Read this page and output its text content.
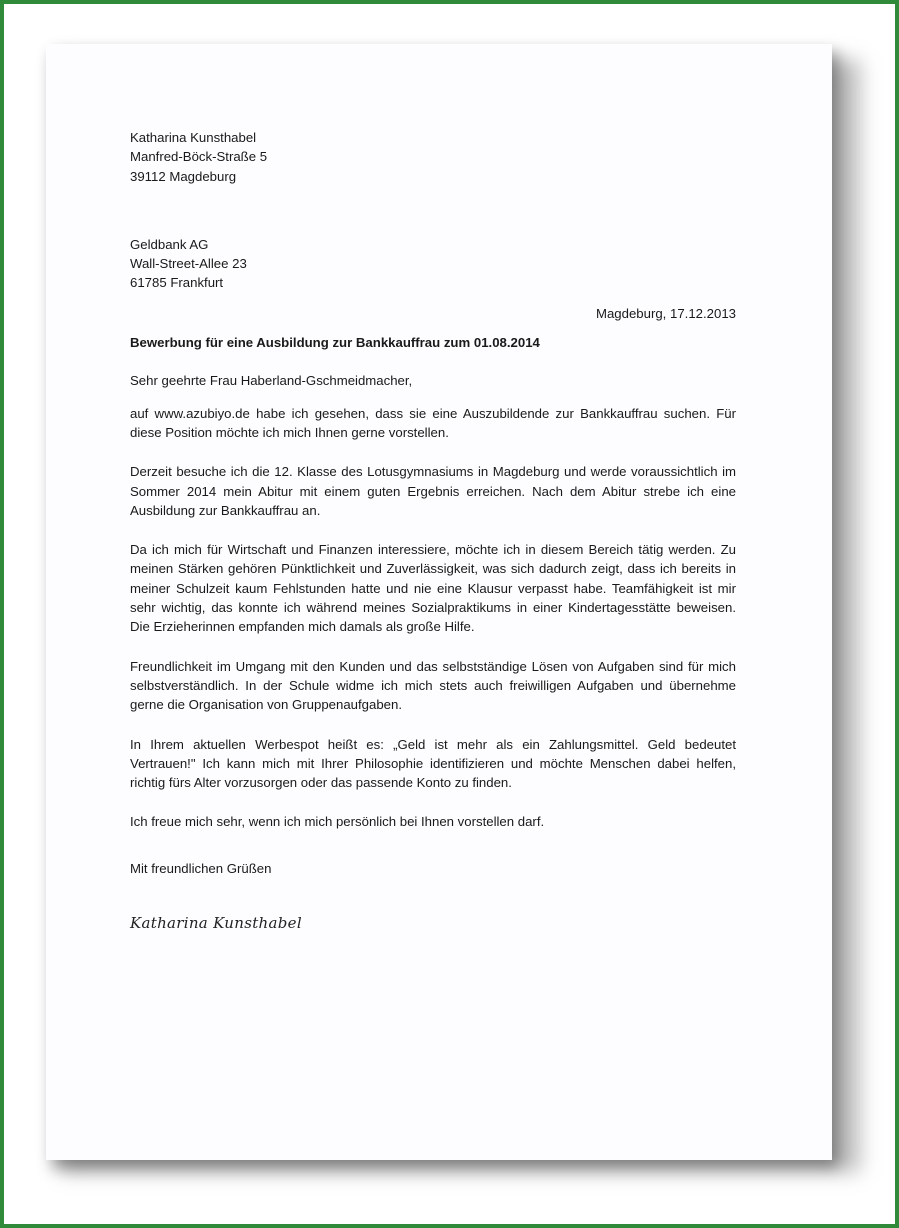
Katharina Kunsthabel
Manfred-Böck-Straße 5
39112 Magdeburg
Geldbank AG
Wall-Street-Allee 23
61785 Frankfurt
Magdeburg, 17.12.2013
Bewerbung für eine Ausbildung zur Bankkauffrau zum 01.08.2014
Sehr geehrte Frau Haberland-Gschmeidmacher,
auf www.azubiyo.de habe ich gesehen, dass sie eine Auszubildende zur Bankkauffrau suchen. Für
diese Position möchte ich mich Ihnen gerne vorstellen.
Derzeit besuche ich die 12. Klasse des Lotusgymnasiums in Magdeburg und werde voraussichtlich im
Sommer 2014 mein Abitur mit einem guten Ergebnis erreichen. Nach dem Abitur strebe ich eine
Ausbildung zur Bankkauffrau an.
Da ich mich für Wirtschaft und Finanzen interessiere, möchte ich in diesem Bereich tätig werden. Zu
meinen Stärken gehören Pünktlichkeit und Zuverlässigkeit, was sich dadurch zeigt, dass ich bereits in
meiner Schulzeit kaum Fehlstunden hatte und nie eine Klausur verpasst habe. Teamfähigkeit ist mir
sehr wichtig, das konnte ich während meines Sozialpraktikums in einer Kindertagesstätte beweisen.
Die Erzieherinnen empfanden mich damals als große Hilfe.
Freundlichkeit im Umgang mit den Kunden und das selbstständige Lösen von Aufgaben sind für mich
selbstverständlich. In der Schule widme ich mich stets auch freiwilligen Aufgaben und übernehme
gerne die Organisation von Gruppenaufgaben.
In Ihrem aktuellen Werbespot heißt es: „Geld ist mehr als ein Zahlungsmittel. Geld bedeutet
Vertrauen!" Ich kann mich mit Ihrer Philosophie identifizieren und möchte Menschen dabei helfen,
richtig fürs Alter vorzusorgen oder das passende Konto zu finden.
Ich freue mich sehr, wenn ich mich persönlich bei Ihnen vorstellen darf.
Mit freundlichen Grüßen
Katharina Kunsthabel
